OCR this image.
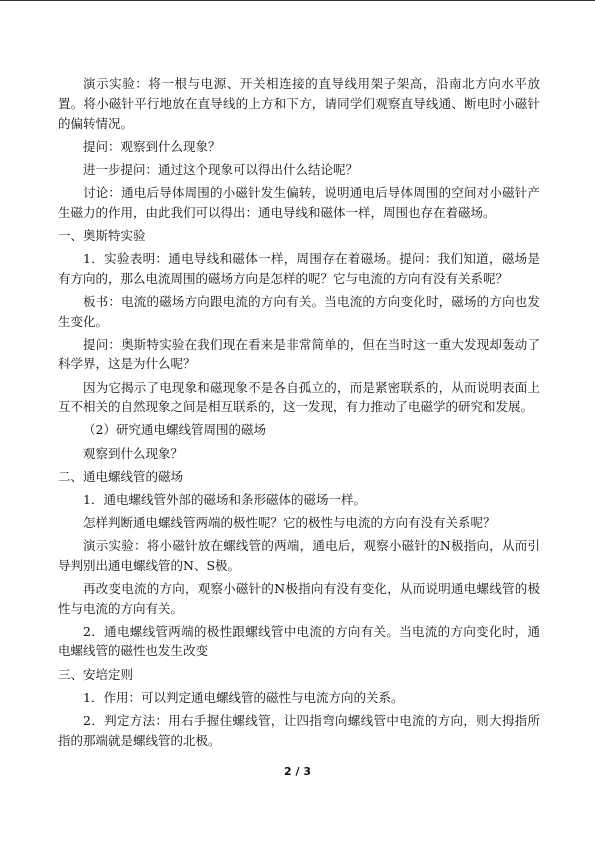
演示实验：将一根与电源、开关相连接的直导线用架子架高，沿南北方向水平放置。将小磁针平行地放在直导线的上方和下方，请同学们观察直导线通、断电时小磁针的偏转情况。

提问：观察到什么现象？

进一步提问：通过这个现象可以得出什么结论呢？

讨论：通电后导体周围的小磁针发生偏转，说明通电后导体周围的空间对小磁针产生磁力的作用，由此我们可以得出：通电导线和磁体一样，周围也存在着磁场。

一、奥斯特实验

1．实验表明：通电导线和磁体一样，周围存在着磁场。提问：我们知道，磁场是有方向的，那么电流周围的磁场方向是怎样的呢？它与电流的方向有没有关系呢？

板书：电流的磁场方向跟电流的方向有关。当电流的方向变化时，磁场的方向也发生变化。

提问：奥斯特实验在我们现在看来是非常简单的，但在当时这一重大发现却轰动了科学界，这是为什么呢？

因为它揭示了电现象和磁现象不是各自孤立的，而是紧密联系的，从而说明表面上互不相关的自然现象之间是相互联系的，这一发现，有力推动了电磁学的研究和发展。

（2）研究通电螺线管周围的磁场

观察到什么现象？

二、通电螺线管的磁场

1．通电螺线管外部的磁场和条形磁体的磁场一样。

怎样判断通电螺线管两端的极性呢？它的极性与电流的方向有没有关系呢？

演示实验：将小磁针放在螺线管的两端，通电后，观察小磁针的N极指向，从而引导判别出通电螺线管的N、S极。

再改变电流的方向，观察小磁针的N极指向有没有变化，从而说明通电螺线管的极性与电流的方向有关。

2．通电螺线管两端的极性跟螺线管中电流的方向有关。当电流的方向变化时，通电螺线管的磁性也发生改变

三、安培定则

1．作用：可以判定通电螺线管的磁性与电流方向的关系。

2．判定方法：用右手握住螺线管，让四指弯向螺线管中电流的方向，则大拇指所指的那端就是螺线管的北极。

2 / 3
